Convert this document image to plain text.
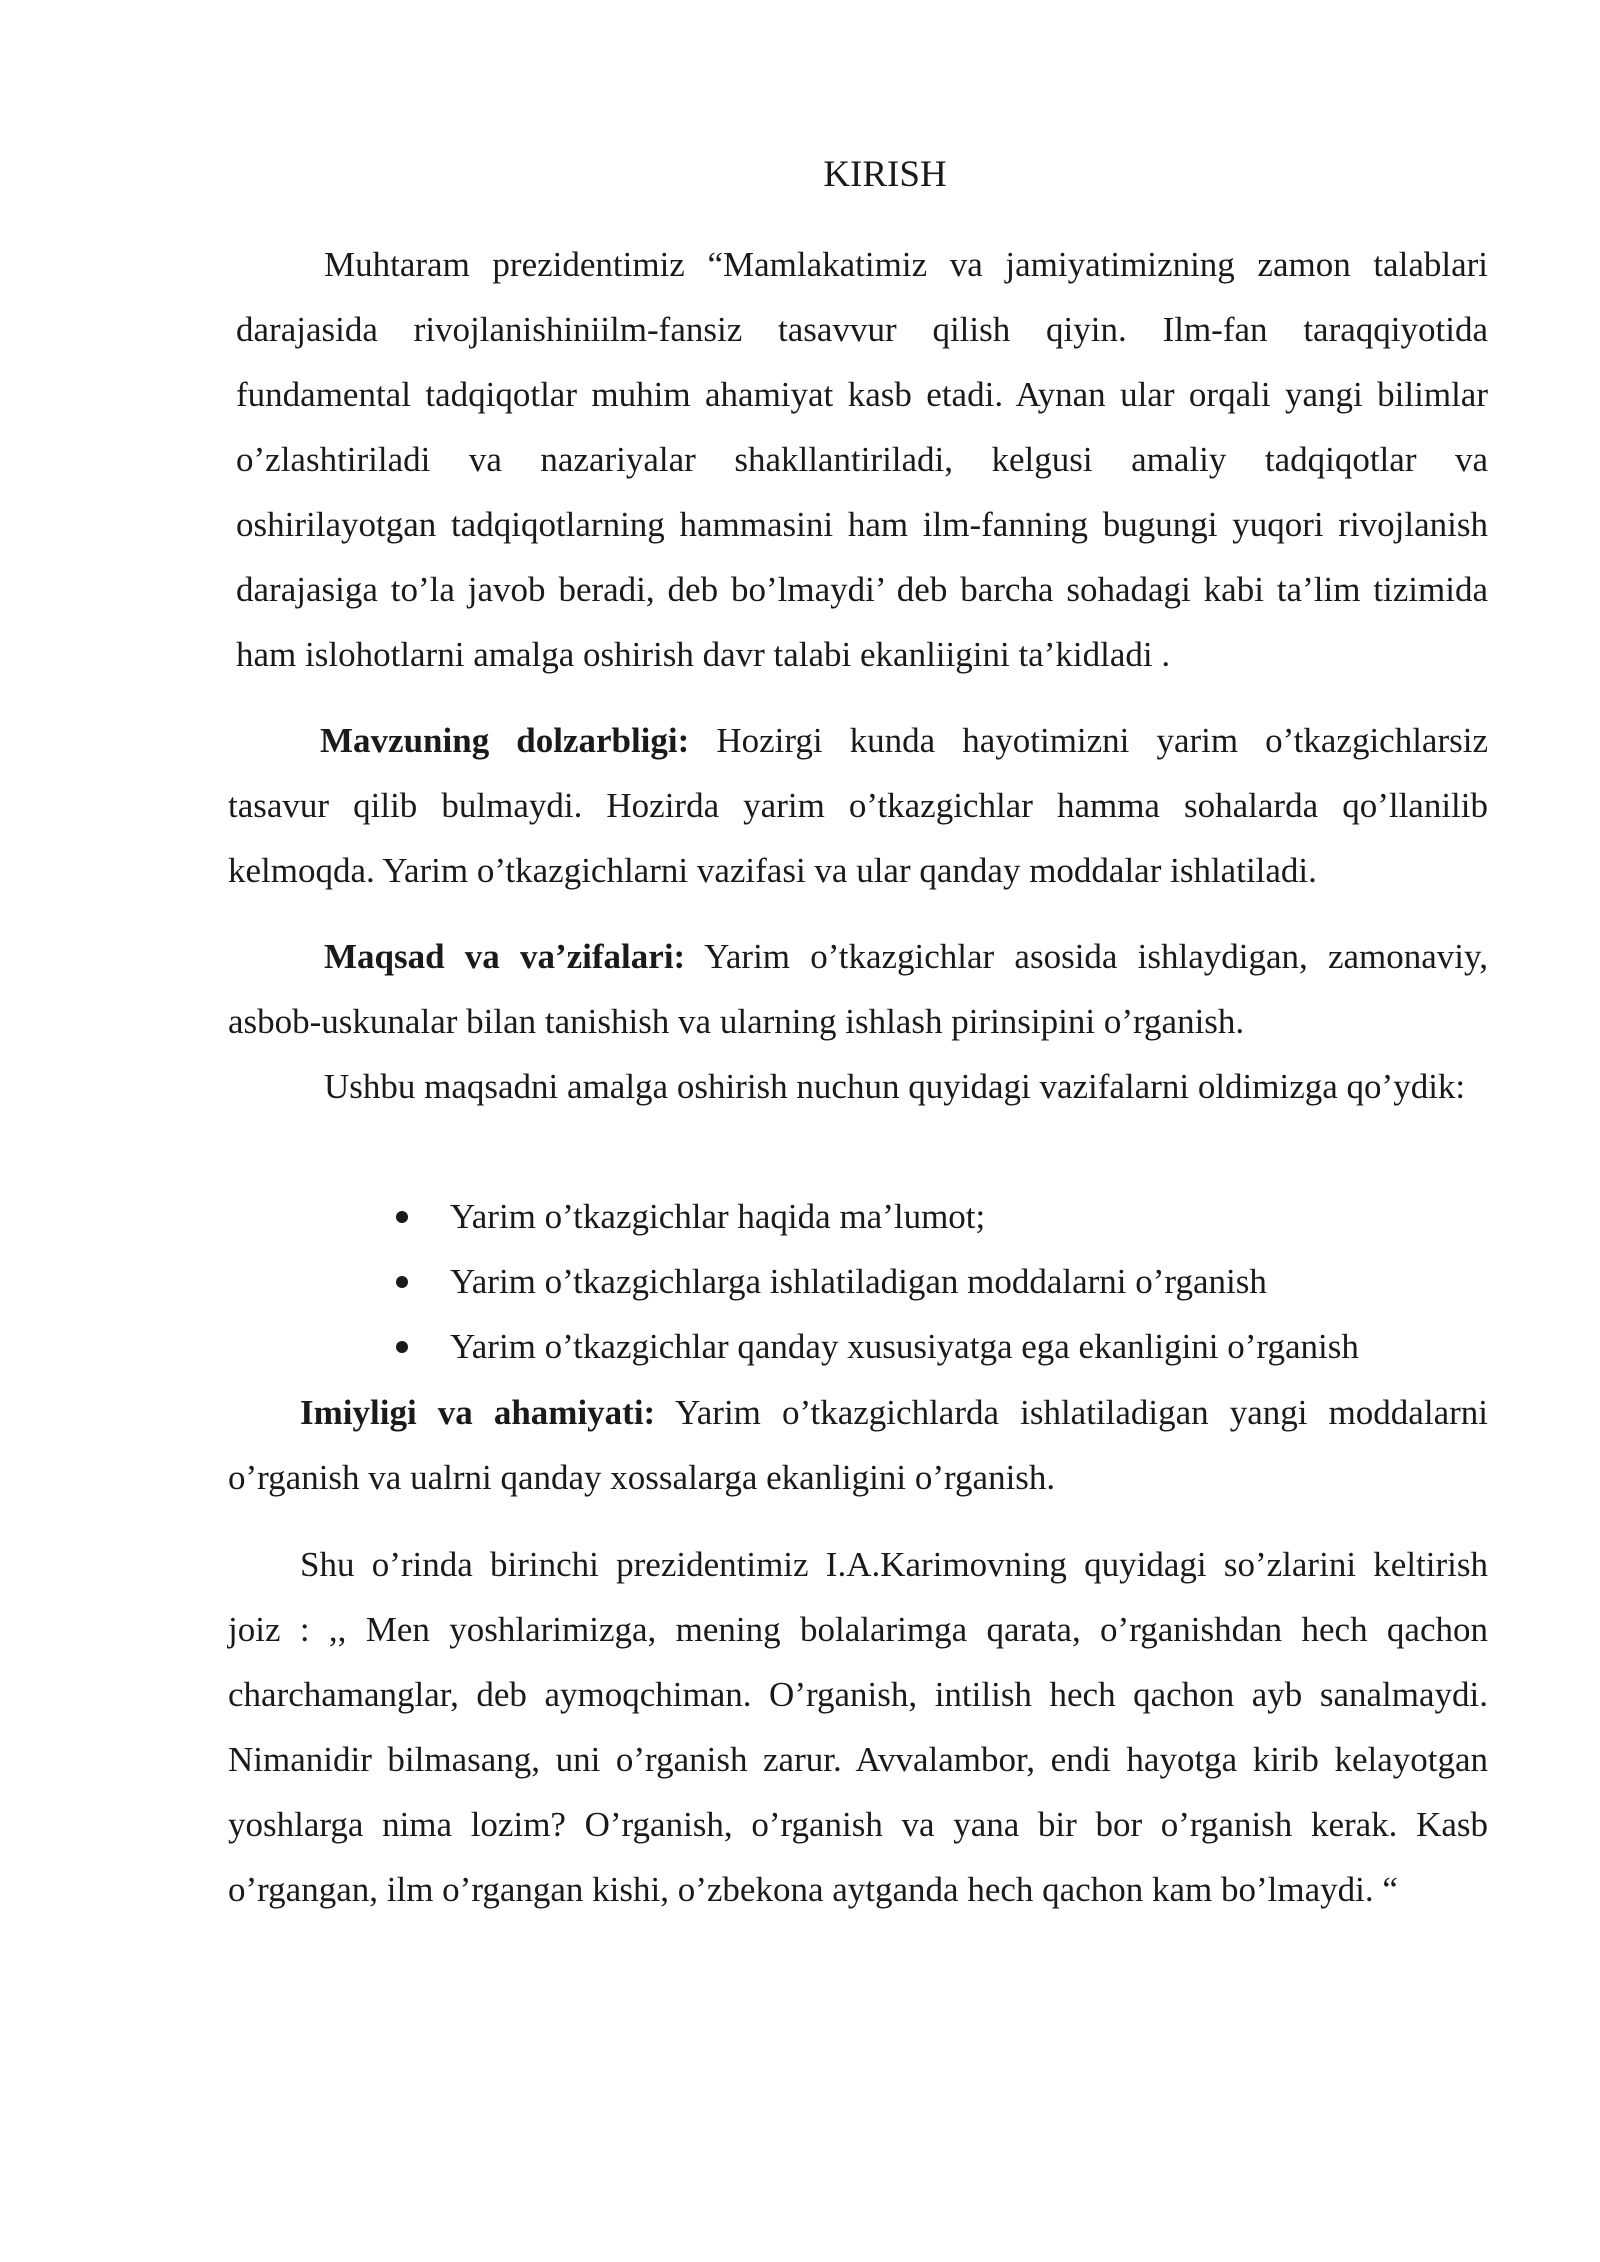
KIRISH

Muhtaram prezidentimiz “Mamlakatimiz va jamiyatimizning zamon talablari darajasida rivojlanishiniilm-fansiz tasavvur qilish qiyin. Ilm-fan taraqqiyotida fundamental tadqiqotlar muhim ahamiyat kasb etadi. Aynan ular orqali yangi bilimlar o’zlashtiriladi va nazariyalar shakllantiriladi, kelgusi amaliy tadqiqotlar va oshirilayotgan tadqiqotlarning hammasini ham ilm-fanning bugungi yuqori rivojlanish darajasiga to’la javob beradi, deb bo’lmaydi’ deb barcha sohadagi kabi ta’lim tizimida ham islohotlarni amalga oshirish davr talabi ekanliigini ta’kidladi .

Mavzuning dolzarbligi: Hozirgi kunda hayotimizni yarim o’tkazgichlarsiz tasavur qilib bulmaydi. Hozirda yarim o’tkazgichlar hamma sohalarda qo’llanilib kelmoqda. Yarim o’tkazgichlarni vazifasi va ular qanday moddalar ishlatiladi.

Maqsad va va’zifalari: Yarim o’tkazgichlar asosida ishlaydigan, zamonaviy, asbob-uskunalar bilan tanishish va ularning ishlash pirinsipini o’rganish.

Ushbu maqsadni amalga oshirish nuchun quyidagi vazifalarni oldimizga qo’ydik:

Yarim o’tkazgichlar haqida ma’lumot;
Yarim o’tkazgichlarga ishlatiladigan moddalarni o’rganish
Yarim o’tkazgichlar qanday xususiyatga ega ekanligini o’rganish

Imiyligi va ahamiyati: Yarim o’tkazgichlarda ishlatiladigan yangi moddalarni o’rganish va ualrni qanday xossalarga ekanligini o’rganish.

Shu o’rinda birinchi prezidentimiz I.A.Karimovning quyidagi so’zlarini keltirish joiz : ,, Men yoshlarimizga, mening bolalarimga qarata, o’rganishdan hech qachon charchamanglar, deb aymoqchiman. O’rganish, intilish hech qachon ayb sanalmaydi. Nimanidir bilmasang, uni o’rganish zarur. Avvalambor, endi hayotga kirib kelayotgan yoshlarga nima lozim? O’rganish, o’rganish va yana bir bor o’rganish kerak. Kasb o’rgangan, ilm o’rgangan kishi, o’zbekona aytganda hech qachon kam bo’lmaydi. “
